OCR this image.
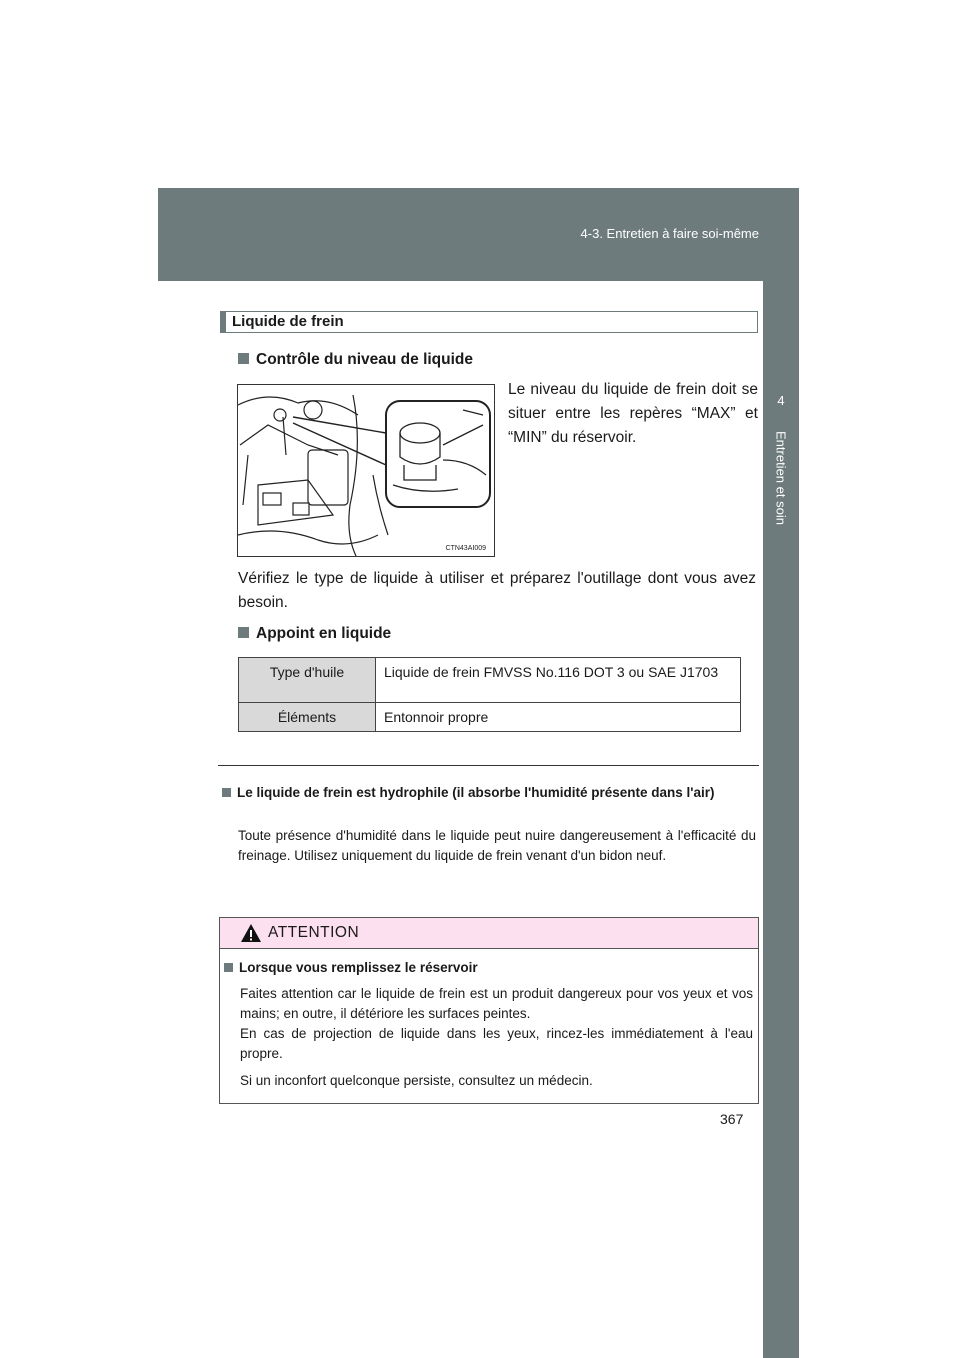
4-3. Entretien à faire soi-même
4
Entretien et soin
Liquide de frein
Contrôle du niveau de liquide
CTN43AI009
Le niveau du liquide de frein doit se situer entre les repères “MAX” et “MIN” du réservoir.
Vérifiez le type de liquide à utiliser et préparez l'outillage dont vous avez besoin.
Appoint en liquide
Type d'huile	Liquide de frein FMVSS No.116 DOT 3 ou SAE J1703
Éléments	Entonnoir propre
Le liquide de frein est hydrophile (il absorbe l'humidité présente dans l'air)
Toute présence d'humidité dans le liquide peut nuire dangereusement à l'efficacité du freinage. Utilisez uniquement du liquide de frein venant d'un bidon neuf.
ATTENTION
Lorsque vous remplissez le réservoir

Faites attention car le liquide de frein est un produit dangereux pour vos yeux et vos mains; en outre, il détériore les surfaces peintes.

En cas de projection de liquide dans les yeux, rincez-les immédiatement à l'eau propre.

Si un inconfort quelconque persiste, consultez un médecin.

367
